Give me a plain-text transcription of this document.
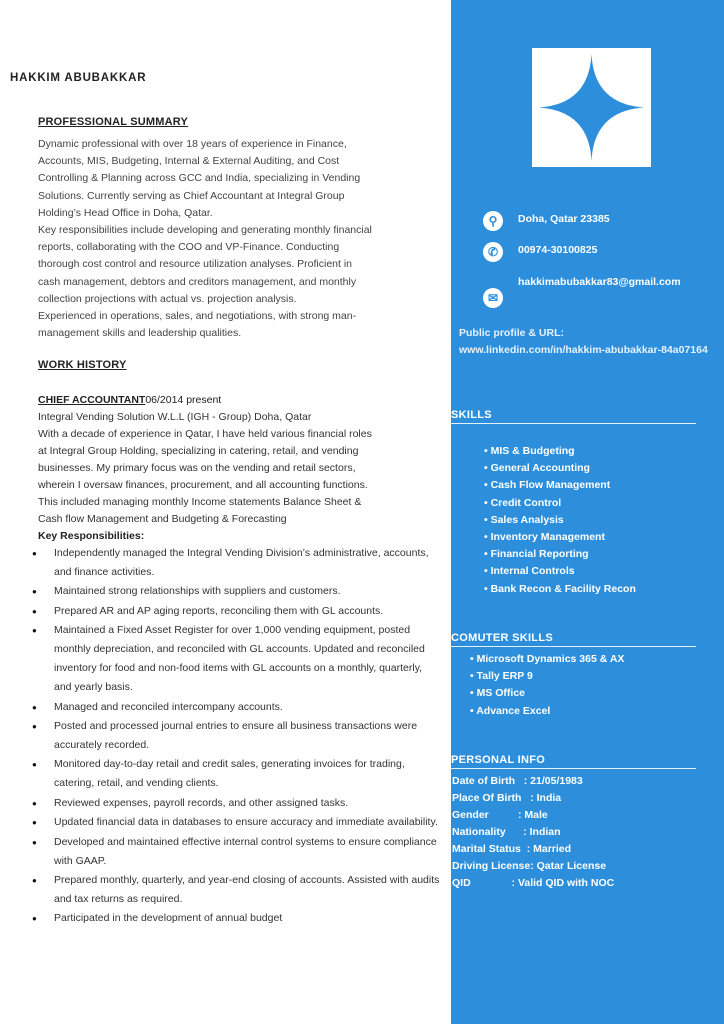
HAKKIM ABUBAKKAR
PROFESSIONAL SUMMARY

Dynamic professional with over 18 years of experience in Finance,

Accounts, MIS, Budgeting, Internal & External Auditing, and Cost

Controlling & Planning across GCC and India, specializing in Vending

Solutions. Currently serving as Chief Accountant at Integral Group

Holding’s Head Office in Doha, Qatar.

Key responsibilities include developing and generating monthly financial

reports, collaborating with the COO and VP-Finance. Conducting

thorough cost control and resource utilization analyses. Proficient in

cash management, debtors and creditors management, and monthly

collection projections with actual vs. projection analysis.

Experienced in operations, sales, and negotiations, with strong man-

management skills and leadership qualities.

WORK HISTORY
CHIEF ACCOUNTANT06/2014 present
Integral Vending Solution W.L.L (IGH - Group) Doha, Qatar
With a decade of experience in Qatar, I have held various financial roles
at Integral Group Holding, specializing in catering, retail, and vending
businesses. My primary focus was on the vending and retail sectors,
wherein I oversaw finances, procurement, and all accounting functions.
This included managing monthly Income statements Balance Sheet &
Cash flow Management and Budgeting & Forecasting
Key Responsibilities:
● Independently managed the Integral Vending Division’s administrative, accounts, and finance activities.
● Maintained strong relationships with suppliers and customers.
● Prepared AR and AP aging reports, reconciling them with GL accounts.
● Maintained a Fixed Asset Register for over 1,000 vending equipment, posted monthly depreciation, and reconciled with GL accounts. Updated and reconciled inventory for food and non-food items with GL accounts on a monthly, quarterly, and yearly basis.
● Managed and reconciled intercompany accounts.
● Posted and processed journal entries to ensure all business transactions were accurately recorded.
● Monitored day-to-day retail and credit sales, generating invoices for trading, catering, retail, and vending clients.
● Reviewed expenses, payroll records, and other assigned tasks.
● Updated financial data in databases to ensure accuracy and immediate availability.
● Developed and maintained effective internal control systems to ensure compliance with GAAP.
● Prepared monthly, quarterly, and year-end closing of accounts. Assisted with audits and tax returns as required.
● Participated in the development of annual budget
⚲	Doha, Qatar 23385
✆	00974-30100825
✉
hakkimabubakkar83@gmail.com
Public profile & URL:
www.linkedin.com/in/hakkim-abubakkar-84a07164
SKILLS
• MIS & Budgeting
• General Accounting
• Cash Flow Management
• Credit Control
• Sales Analysis
• Inventory Management
• Financial Reporting
• Internal Controls
• Bank Recon & Facility Recon
COMUTER SKILLS
• Microsoft Dynamics 365 & AX
• Tally ERP 9
• MS Office
• Advance Excel
PERSONAL INFO
Date of Birth : 21/05/1983
Place Of Birth : India
Gender : Male
Nationality : Indian
Marital Status : Married
Driving License : Qatar License
QID : Valid QID with NOC
